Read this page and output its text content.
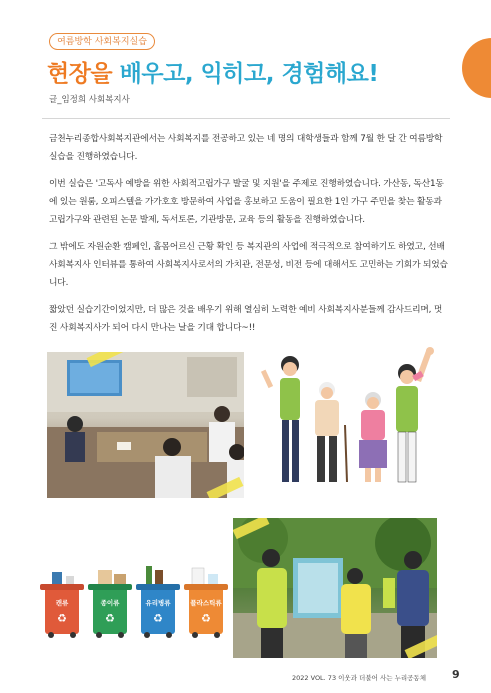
여름방학 사회복지실습
현장을 배우고, 익히고, 경험해요!
글_임정희 사회복지사

금천누리종합사회복지관에서는 사회복지를 전공하고 있는 네 명의 대학생들과 함께 7월 한 달 간 여름방학 실습을 진행하였습니다.

이번 실습은 '고독사 예방을 위한 사회적고립가구 발굴 및 지원'을 주제로 진행하였습니다. 가산동, 독산1동에 있는 원룸, 오피스텔을 가가호호 방문하여 사업을 홍보하고 도움이 필요한 1인 가구 주민을 찾는 활동과 고립가구와 관련된 논문 발제, 독서토론, 기관방문, 교육 등의 활동을 진행하였습니다.

그 밖에도 자원순환 캠페인, 홀몸어르신 근황 확인 등 복지관의 사업에 적극적으로 참여하기도 하였고, 선배 사회복지사 인터뷰를 통하여 사회복지사로서의 가치관, 전문성, 비전 등에 대해서도 고민하는 기회가 되었습니다.

짧았던 실습기간이었지만, 더 많은 것을 배우기 위해 열심히 노력한 예비 사회복지사분들께 감사드리며, 멋진 사회복지사가 되어 다시 만나는 날을 기대 합니다~!!

캔류
♻
종이류
♻
유리병류
♻
플라스틱류
♻
2022 VOL. 73 이웃과 더불어 사는 누리공동체 9
